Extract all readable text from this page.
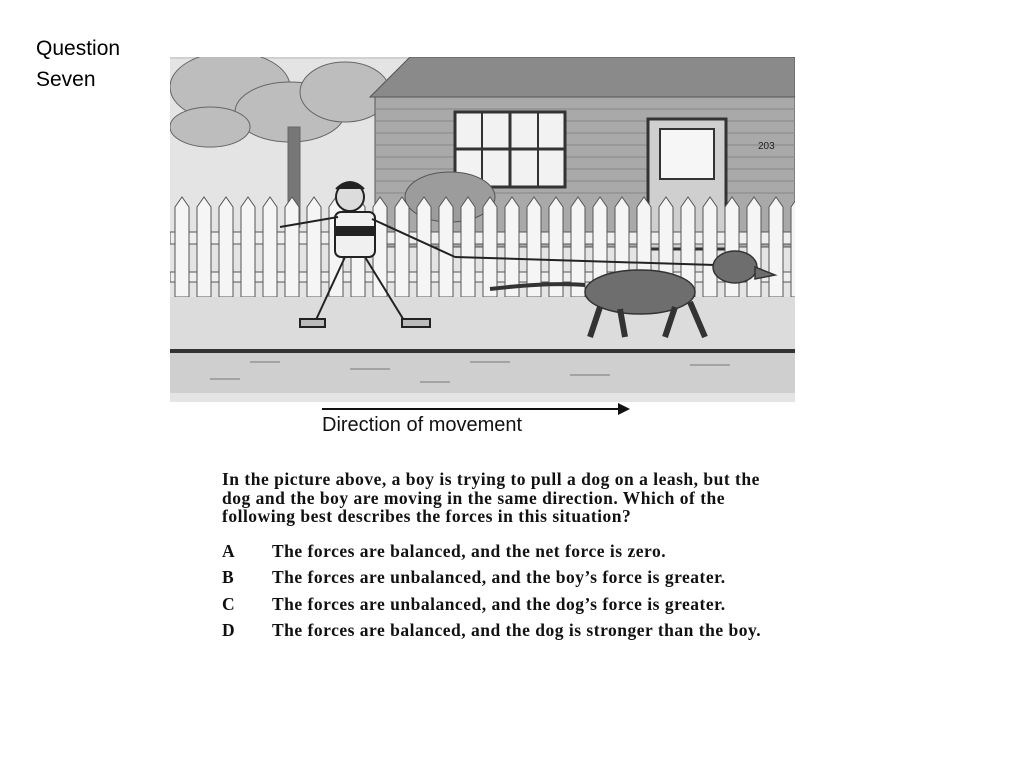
Question
Seven
203
Direction of movement
In the picture above, a boy is trying to pull a dog on a leash, but the dog and the boy are moving in the same direction. Which of the following best describes the forces in this situation?
A	The forces are balanced, and the net force is zero.
B	The forces are unbalanced, and the boy’s force is greater.
C	The forces are unbalanced, and the dog’s force is greater.
D	The forces are balanced, and the dog is stronger than the boy.
